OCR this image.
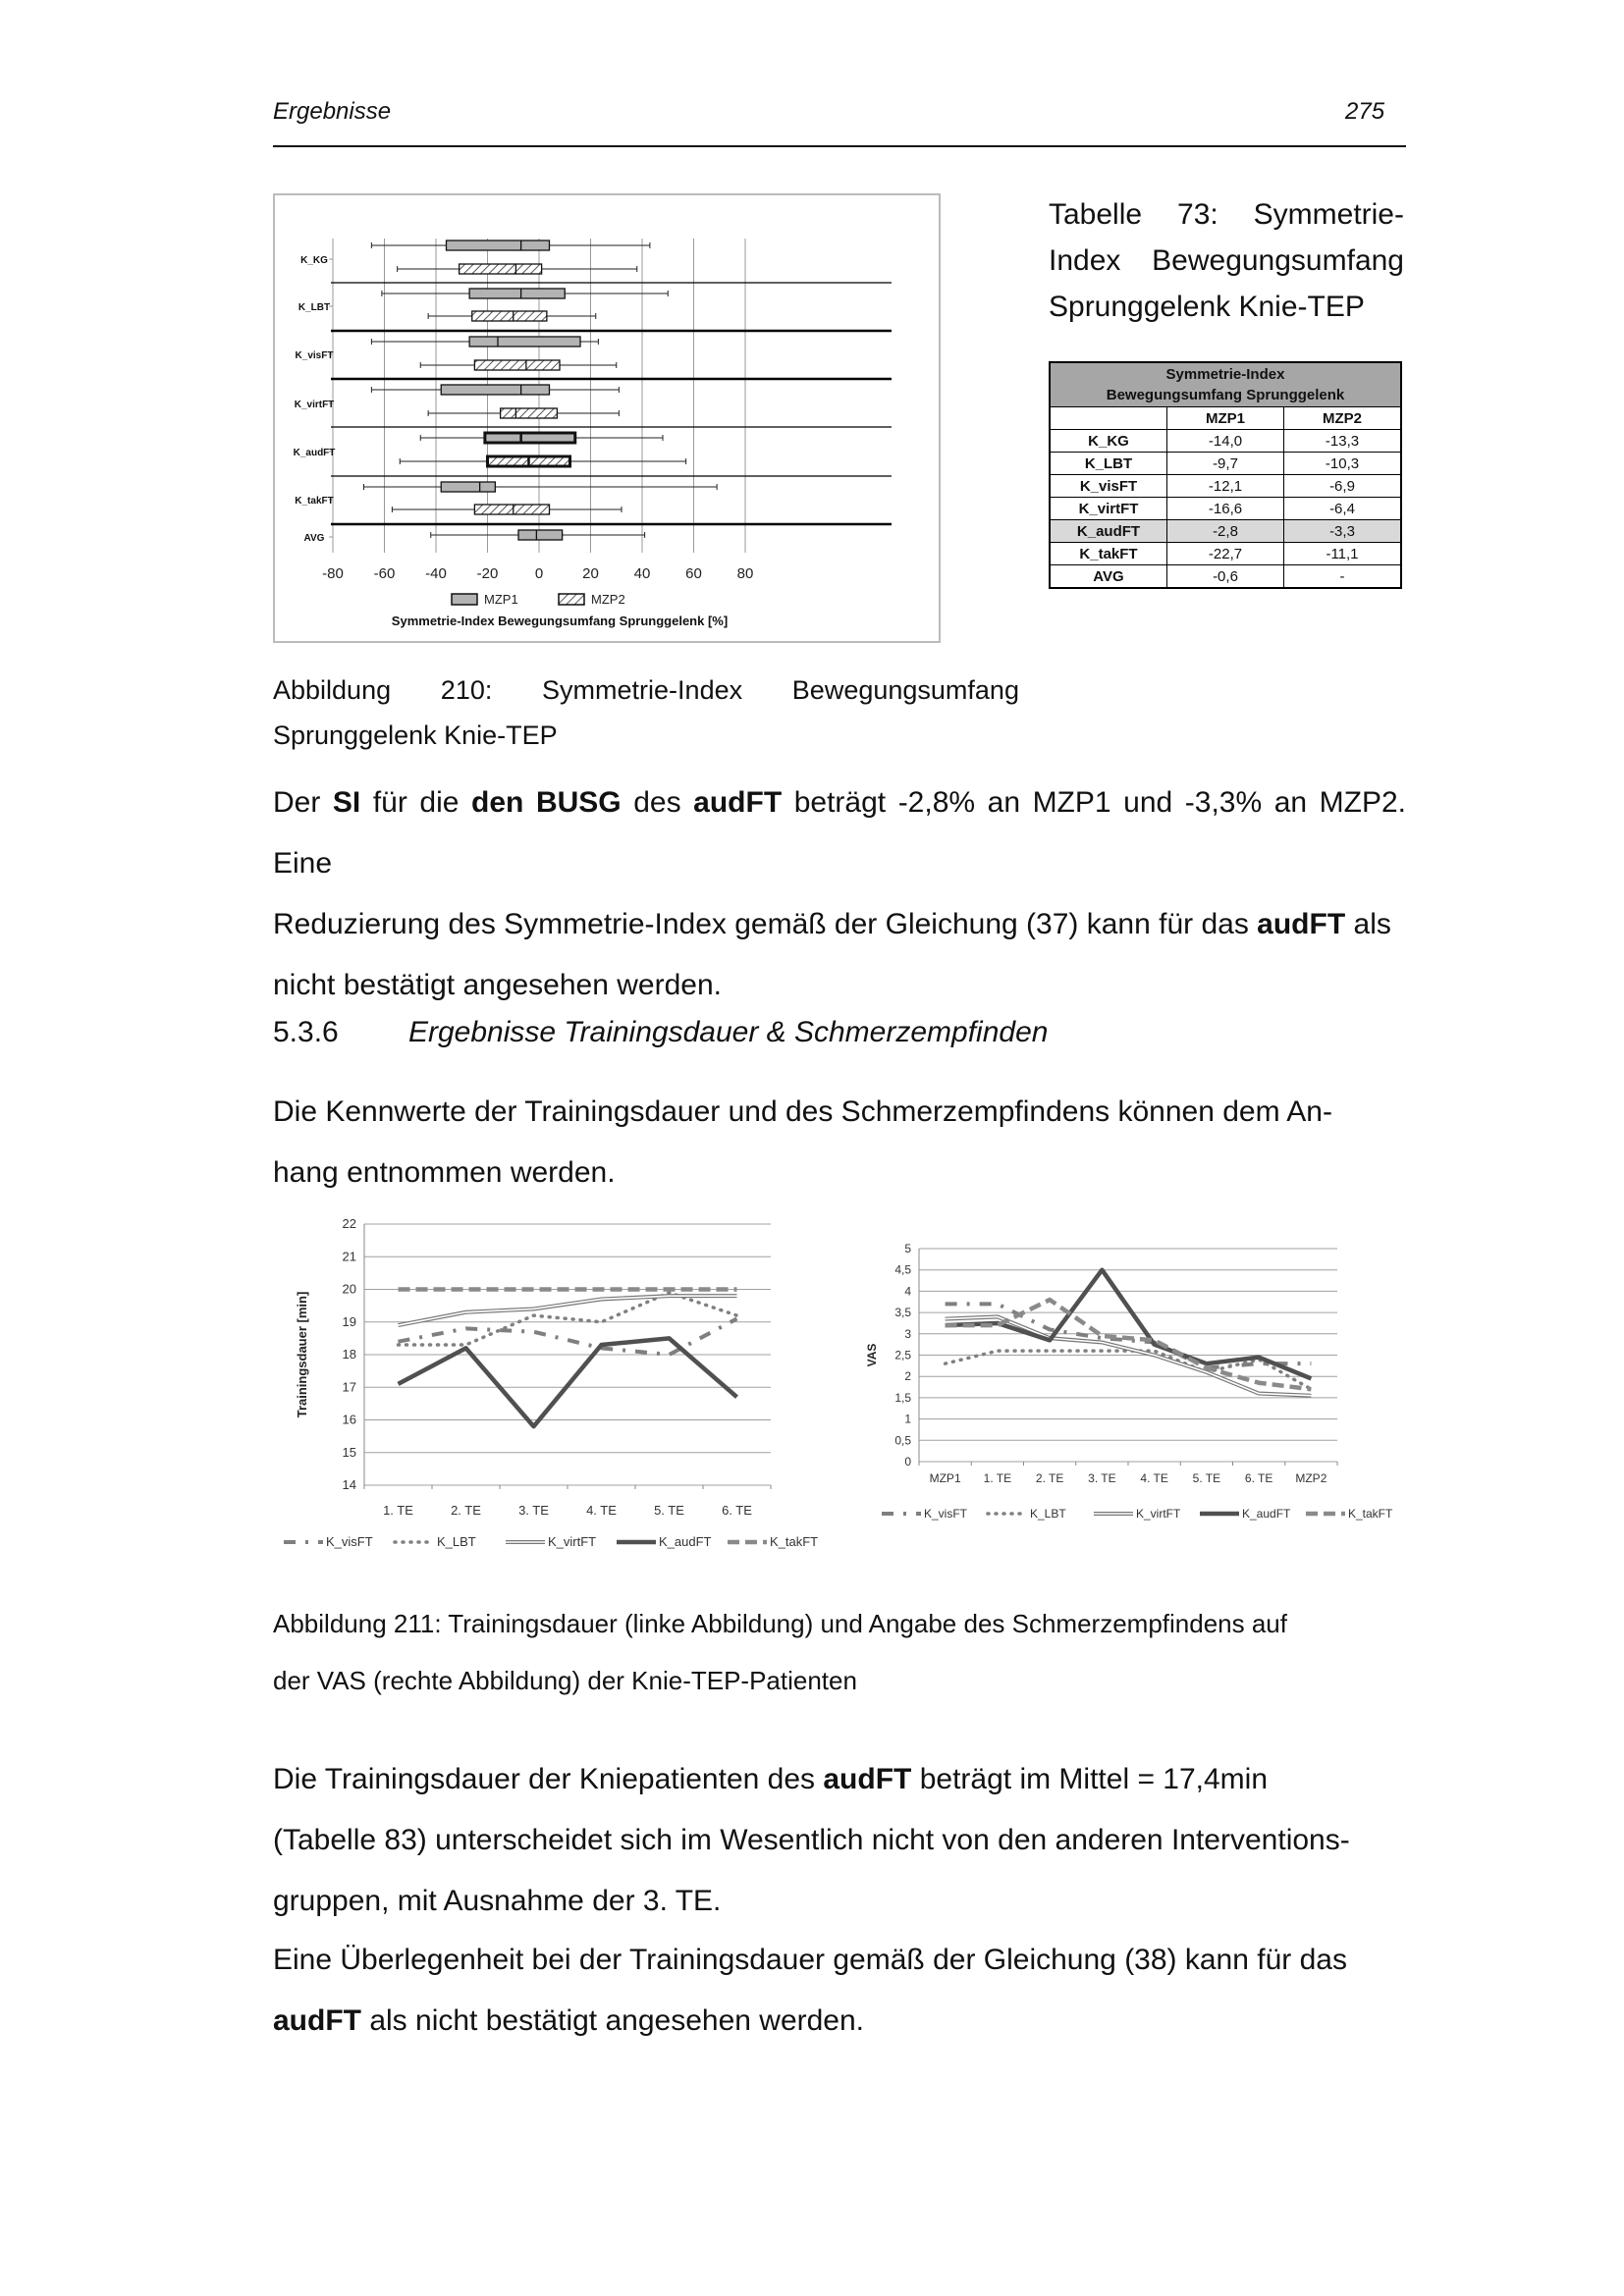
Ergebnisse	275
-80 -60 -40 -20 0	20 40 60 80
K_KG
K_LBT
K_visFT
K_virtFT
K_audFT
K_takFT
AVG
MZP1	MZP2
Symmetrie-Index Bewegungsumfang Sprunggelenk [%]
Tabelle 73: Symmetrie-Index Bewegungsumfang Sprunggelenk Knie-TEP
Symmetrie-Index
Bewegungsumfang Sprunggelenk		
	MZP1	MZP2
K_KG	-14,0	-13,3
K_LBT	-9,7	-10,3
K_visFT	-12,1	-6,9
K_virtFT	-16,6	-6,4
K_audFT	-2,8	-3,3
K_takFT	-22,7	-11,1
AVG	-0,6	-
Abbildung 210: Symmetrie-Index Bewegungsumfang
Sprunggelenk Knie-TEP
Der SI für die den BUSG des audFT beträgt -2,8% an MZP1 und -3,3% an MZP2. Eine
Reduzierung des Symmetrie-Index gemäß der Gleichung (37) kann für das audFT als
nicht bestätigt angesehen werden.
5.3.6 Ergebnisse Trainingsdauer & Schmerzempfinden
Die Kennwerte der Trainingsdauer und des Schmerzempfindens können dem An-
hang entnommen werden.
14
15
16
17
18
19
20
21
22
1. TE	2. TE	3. TE	4. TE	5. TE	6. TE
Trainingsdauer [min]
K_visFT	K_LBT	K_virtFT	K_audFT	K_takFT
0
0,5
1
1,5
2
2,5
3
3,5
4
4,5
5
MZP1 1. TE 2. TE 3. TE 4. TE 5. TE 6. TE MZP2
VAS
K_visFT	K_LBT	K_virtFT	K_audFT	K_takFT
Abbildung 211: Trainingsdauer (linke Abbildung) und Angabe des Schmerzempfindens auf
der VAS (rechte Abbildung) der Knie-TEP-Patienten
Die Trainingsdauer der Kniepatienten des audFT beträgt im Mittel = 17,4min
(Tabelle 83) unterscheidet sich im Wesentlich nicht von den anderen Interventions-
gruppen, mit Ausnahme der 3. TE.
Eine Überlegenheit bei der Trainingsdauer gemäß der Gleichung (38) kann für das
audFT als nicht bestätigt angesehen werden.
